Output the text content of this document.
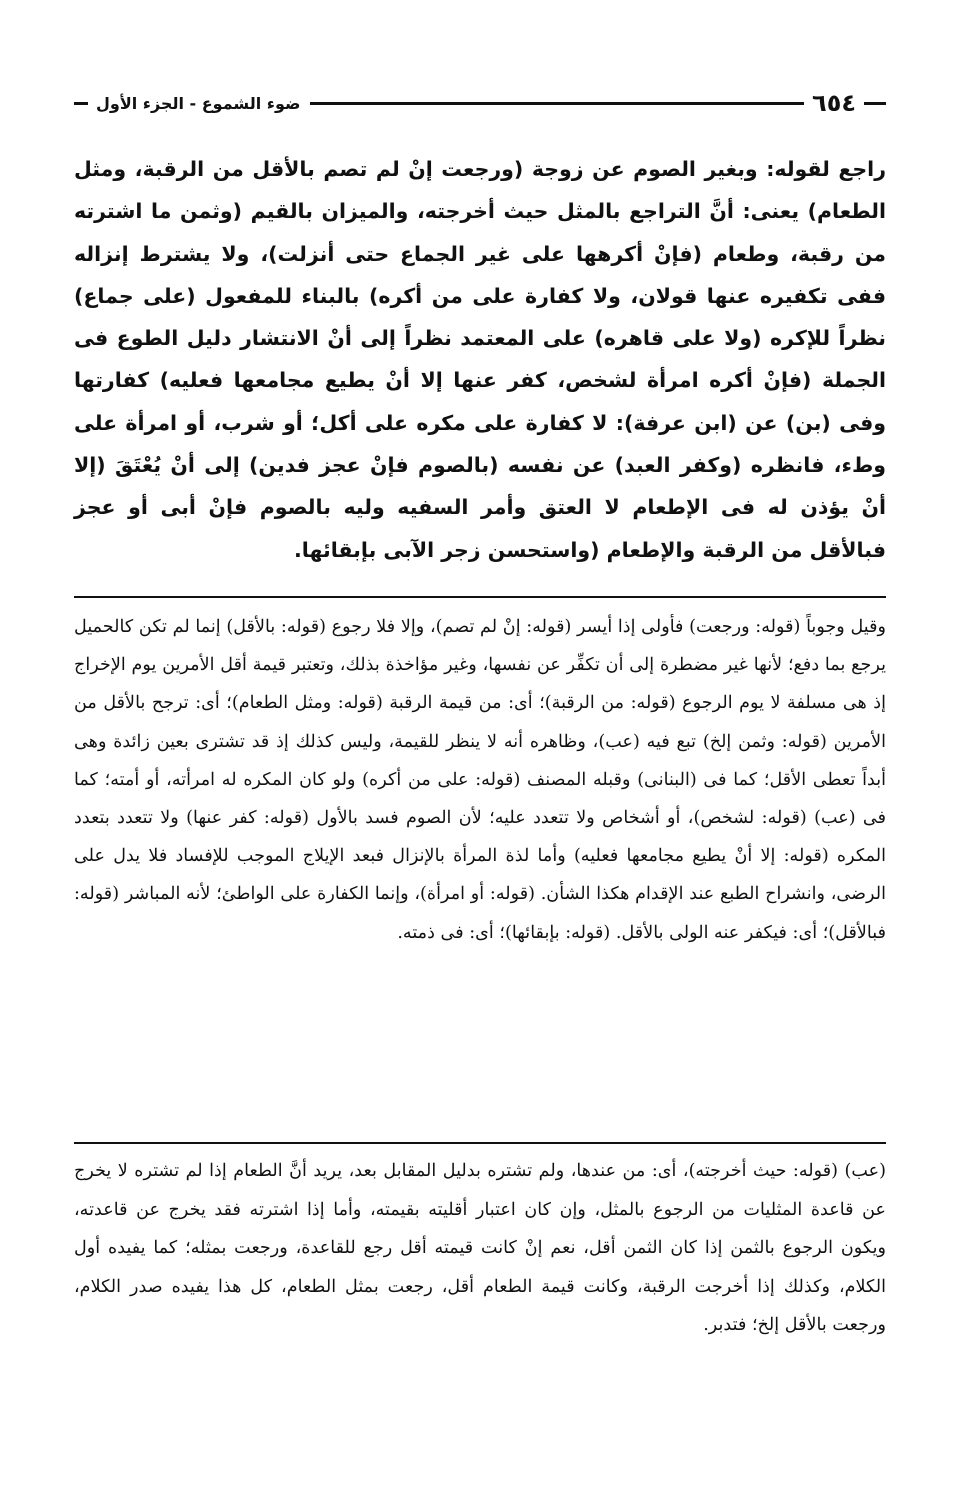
٦٥٤
ضوء الشموع - الجزء الأول

راجع لقوله: وبغير الصوم عن زوجة (ورجعت إنْ لم تصم بالأقل من الرقبة، ومثل الطعام) يعنى: أنَّ التراجع بالمثل حيث أخرجته، والميزان بالقيم (وثمن ما اشترته من رقبة، وطعام (فإنْ أكرهها على غير الجماع حتى أنزلت)، ولا يشترط إنزاله ففى تكفيره عنها قولان، ولا كفارة على من أكره) بالبناء للمفعول (على جماع) نظراً للإكره (ولا على قاهره) على المعتمد نظراً إلى أنْ الانتشار دليل الطوع فى الجملة (فإنْ أكره امرأة لشخص، كفر عنها إلا أنْ يطيع مجامعها فعليه) كفارتها وفى (بن) عن (ابن عرفة): لا كفارة على مكره على أكل؛ أو شرب، أو امرأة على وطء، فانظره (وكفر العبد) عن نفسه (بالصوم فإنْ عجز فدين) إلى أنْ يُعْتَقَ (إلا أنْ يؤذن له فى الإطعام لا العتق وأمر السفيه وليه بالصوم فإنْ أبى أو عجز فبالأقل من الرقبة والإطعام (واستحسن زجر الآبى بإبقائها.

وقيل وجوباً (قوله: ورجعت) فأولى إذا أيسر (قوله: إنْ لم تصم)، وإلا فلا رجوع (قوله: بالأقل) إنما لم تكن كالحميل يرجع بما دفع؛ لأنها غير مضطرة إلى أن تكفِّر عن نفسها، وغير مؤاخذة بذلك، وتعتبر قيمة أقل الأمرين يوم الإخراج إذ هى مسلفة لا يوم الرجوع (قوله: من الرقبة)؛ أى: من قيمة الرقبة (قوله: ومثل الطعام)؛ أى: ترجح بالأقل من الأمرين (قوله: وثمن إلخ) تبع فيه (عب)، وظاهره أنه لا ينظر للقيمة، وليس كذلك إذ قد تشترى بعين زائدة وهى أبداً تعطى الأقل؛ كما فى (البنانى) وقبله المصنف (قوله: على من أكره) ولو كان المكره له امرأته، أو أمته؛ كما فى (عب) (قوله: لشخص)، أو أشخاص ولا تتعدد عليه؛ لأن الصوم فسد بالأول (قوله: كفر عنها) ولا تتعدد بتعدد المكره (قوله: إلا أنْ يطيع مجامعها فعليه) وأما لذة المرأة بالإنزال فبعد الإيلاج الموجب للإفساد فلا يدل على الرضى، وانشراح الطبع عند الإقدام هكذا الشأن. (قوله: أو امرأة)، وإنما الكفارة على الواطئ؛ لأنه المباشر (قوله: فبالأقل)؛ أى: فيكفر عنه الولى بالأقل. (قوله: بإبقائها)؛ أى: فى ذمته.

(عب) (قوله: حيث أخرجته)، أى: من عندها، ولم تشتره بدليل المقابل بعد، يريد أنَّ الطعام إذا لم تشتره لا يخرج عن قاعدة المثليات من الرجوع بالمثل، وإن كان اعتبار أقليته بقيمته، وأما إذا اشترته فقد يخرج عن قاعدته، ويكون الرجوع بالثمن إذا كان الثمن أقل، نعم إنْ كانت قيمته أقل رجع للقاعدة، ورجعت بمثله؛ كما يفيده أول الكلام، وكذلك إذا أخرجت الرقبة، وكانت قيمة الطعام أقل، رجعت بمثل الطعام، كل هذا يفيده صدر الكلام، ورجعت بالأقل إلخ؛ فتدبر.
